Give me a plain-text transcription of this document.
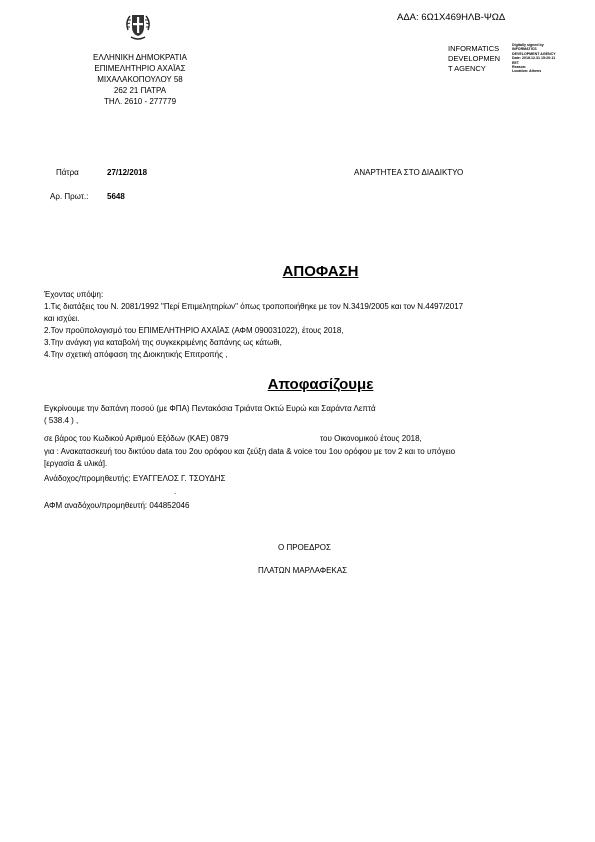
ΕΛΛΗΝΙΚΗ ΔΗΜΟΚΡΑΤΙΑ
ΕΠΙΜΕΛΗΤΗΡΙΟ ΑΧΑΪΑΣ
ΜΙΧΑΛΑΚΟΠΟΥΛΟΥ 58
262 21 ΠΑΤΡΑ
ΤΗΛ. 2610 - 277779
ΑΔΑ: 6Ω1Χ469ΗΛΒ-ΨΩΔ
INFORMATICS
DEVELOPMEN
T AGENCY
Digitally signed by
INFORMATICS
DEVELOPMENT AGENCY
Date: 2018.12.31 15:20:11
EET
Reason:
Location: Athens
Πάτρα	27/12/2018	ΑΝΑΡΤΗΤΕΑ ΣΤΟ ΔΙΑΔΙΚΤΥΟ
Αρ. Πρωτ.: 5648
ΑΠΟΦΑΣΗ
Έχοντας υπόψη:
1.Τις διατάξεις του Ν. 2081/1992 "Περί Επιμελητηρίων" όπως τροποποιήθηκε με τον Ν.3419/2005 και τον Ν.4497/2017
και ισχύει.
2.Τον προϋπολογισμό του ΕΠΙΜΕΛΗΤΗΡΙΟ ΑΧΑΪΑΣ (ΑΦΜ 090031022), έτους 2018,
3.Την ανάγκη για καταβολή της συγκεκριμένης δαπάνης ως κάτωθι,
4.Την σχετική απόφαση της Διοικητικής Επιτροπής ,
Αποφασίζουμε
Εγκρίνουμε την δαπάνη ποσού (με ΦΠΑ) Πεντακόσια Τριάντα Οκτώ Ευρώ και Σαράντα Λεπτά
( 538.4 ) ,
σε βάρος του Κωδικού Αριθμού Εξόδων (ΚΑΕ) 0879	του Οικονομικού έτους 2018,
για : Ανακατασκευή του δικτύου data του 2ου ορόφου και ζεύξη data & voice του 1ου ορόφου με τον 2 και το υπόγειο
[εργασία & υλικά].
Ανάδοχος/προμηθευτής: ΕΥΑΓΓΕΛΟΣ Γ. ΤΣΟΥΔΗΣ
.
ΑΦΜ αναδόχου/προμηθευτή: 044852046
Ο ΠΡΟΕΔΡΟΣ
ΠΛΑΤΩΝ ΜΑΡΛΑΦΕΚΑΣ
